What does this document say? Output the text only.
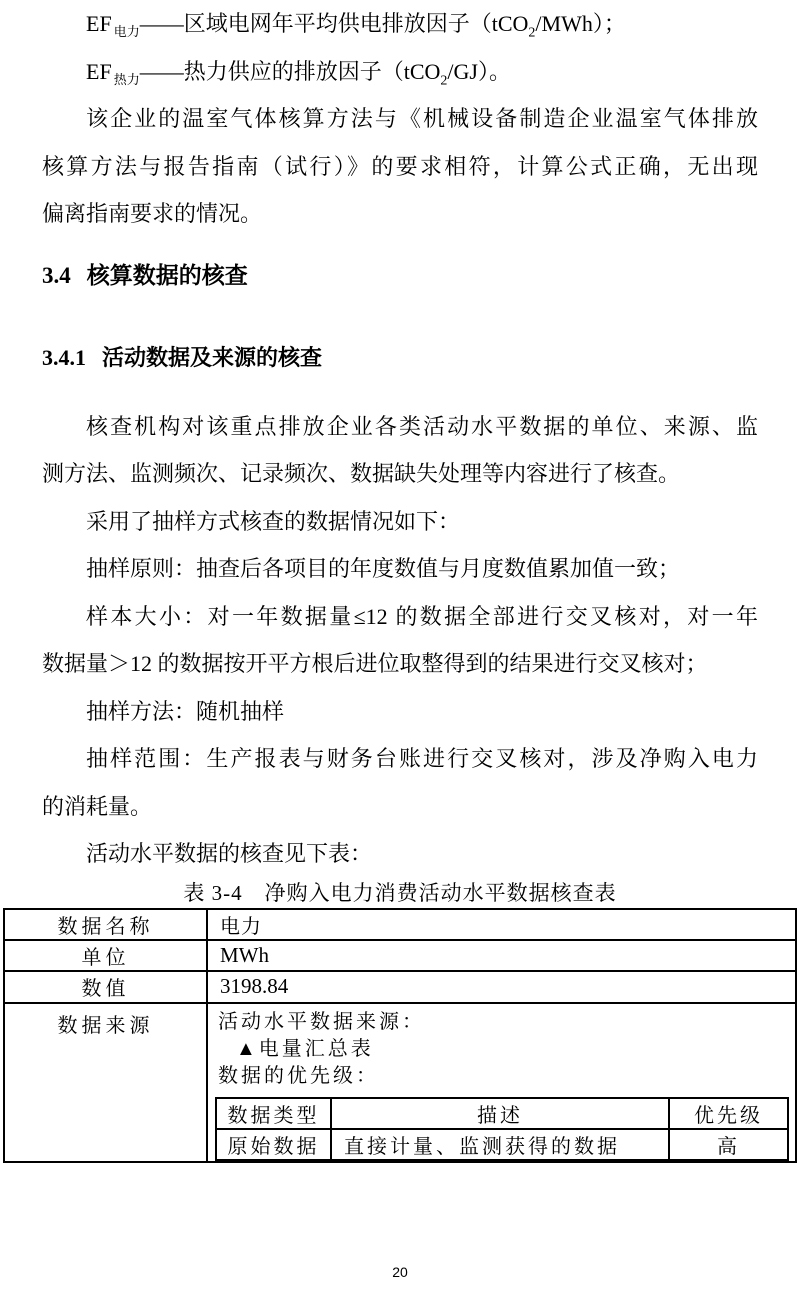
EF $_{电力}$——区域电网年平均供电排放因子（tCO$_2$/MWh）；

EF $_{热力}$——热力供应的排放因子（tCO$_2$/GJ）。

该企业的温室气体核算方法与《机械设备制造企业温室气体排放

核算方法与报告指南（试行）》的要求相符，计算公式正确，无出现

偏离指南要求的情况。

3.4 核算数据的核查
3.4.1 活动数据及来源的核查

核查机构对该重点排放企业各类活动水平数据的单位、来源、监

测方法、监测频次、记录频次、数据缺失处理等内容进行了核查。

采用了抽样方式核查的数据情况如下：

抽样原则：抽查后各项目的年度数值与月度数值累加值一致；

样本大小：对一年数据量≤12 的数据全部进行交叉核对，对一年

数据量＞12 的数据按开平方根后进位取整得到的结果进行交叉核对；

抽样方法：随机抽样

抽样范围：生产报表与财务台账进行交叉核对，涉及净购入电力

的消耗量。

活动水平数据的核查见下表：

表 3-4　净购入电力消费活动水平数据核查表

数据名称	电力
单位	MWh
数值	3198.84
数据来源	活动水平数据来源：
▲电量汇总表
数据的优先级：
数据类型	描述	优先级
原始数据	直接计量、监测获得的数据	高
20
